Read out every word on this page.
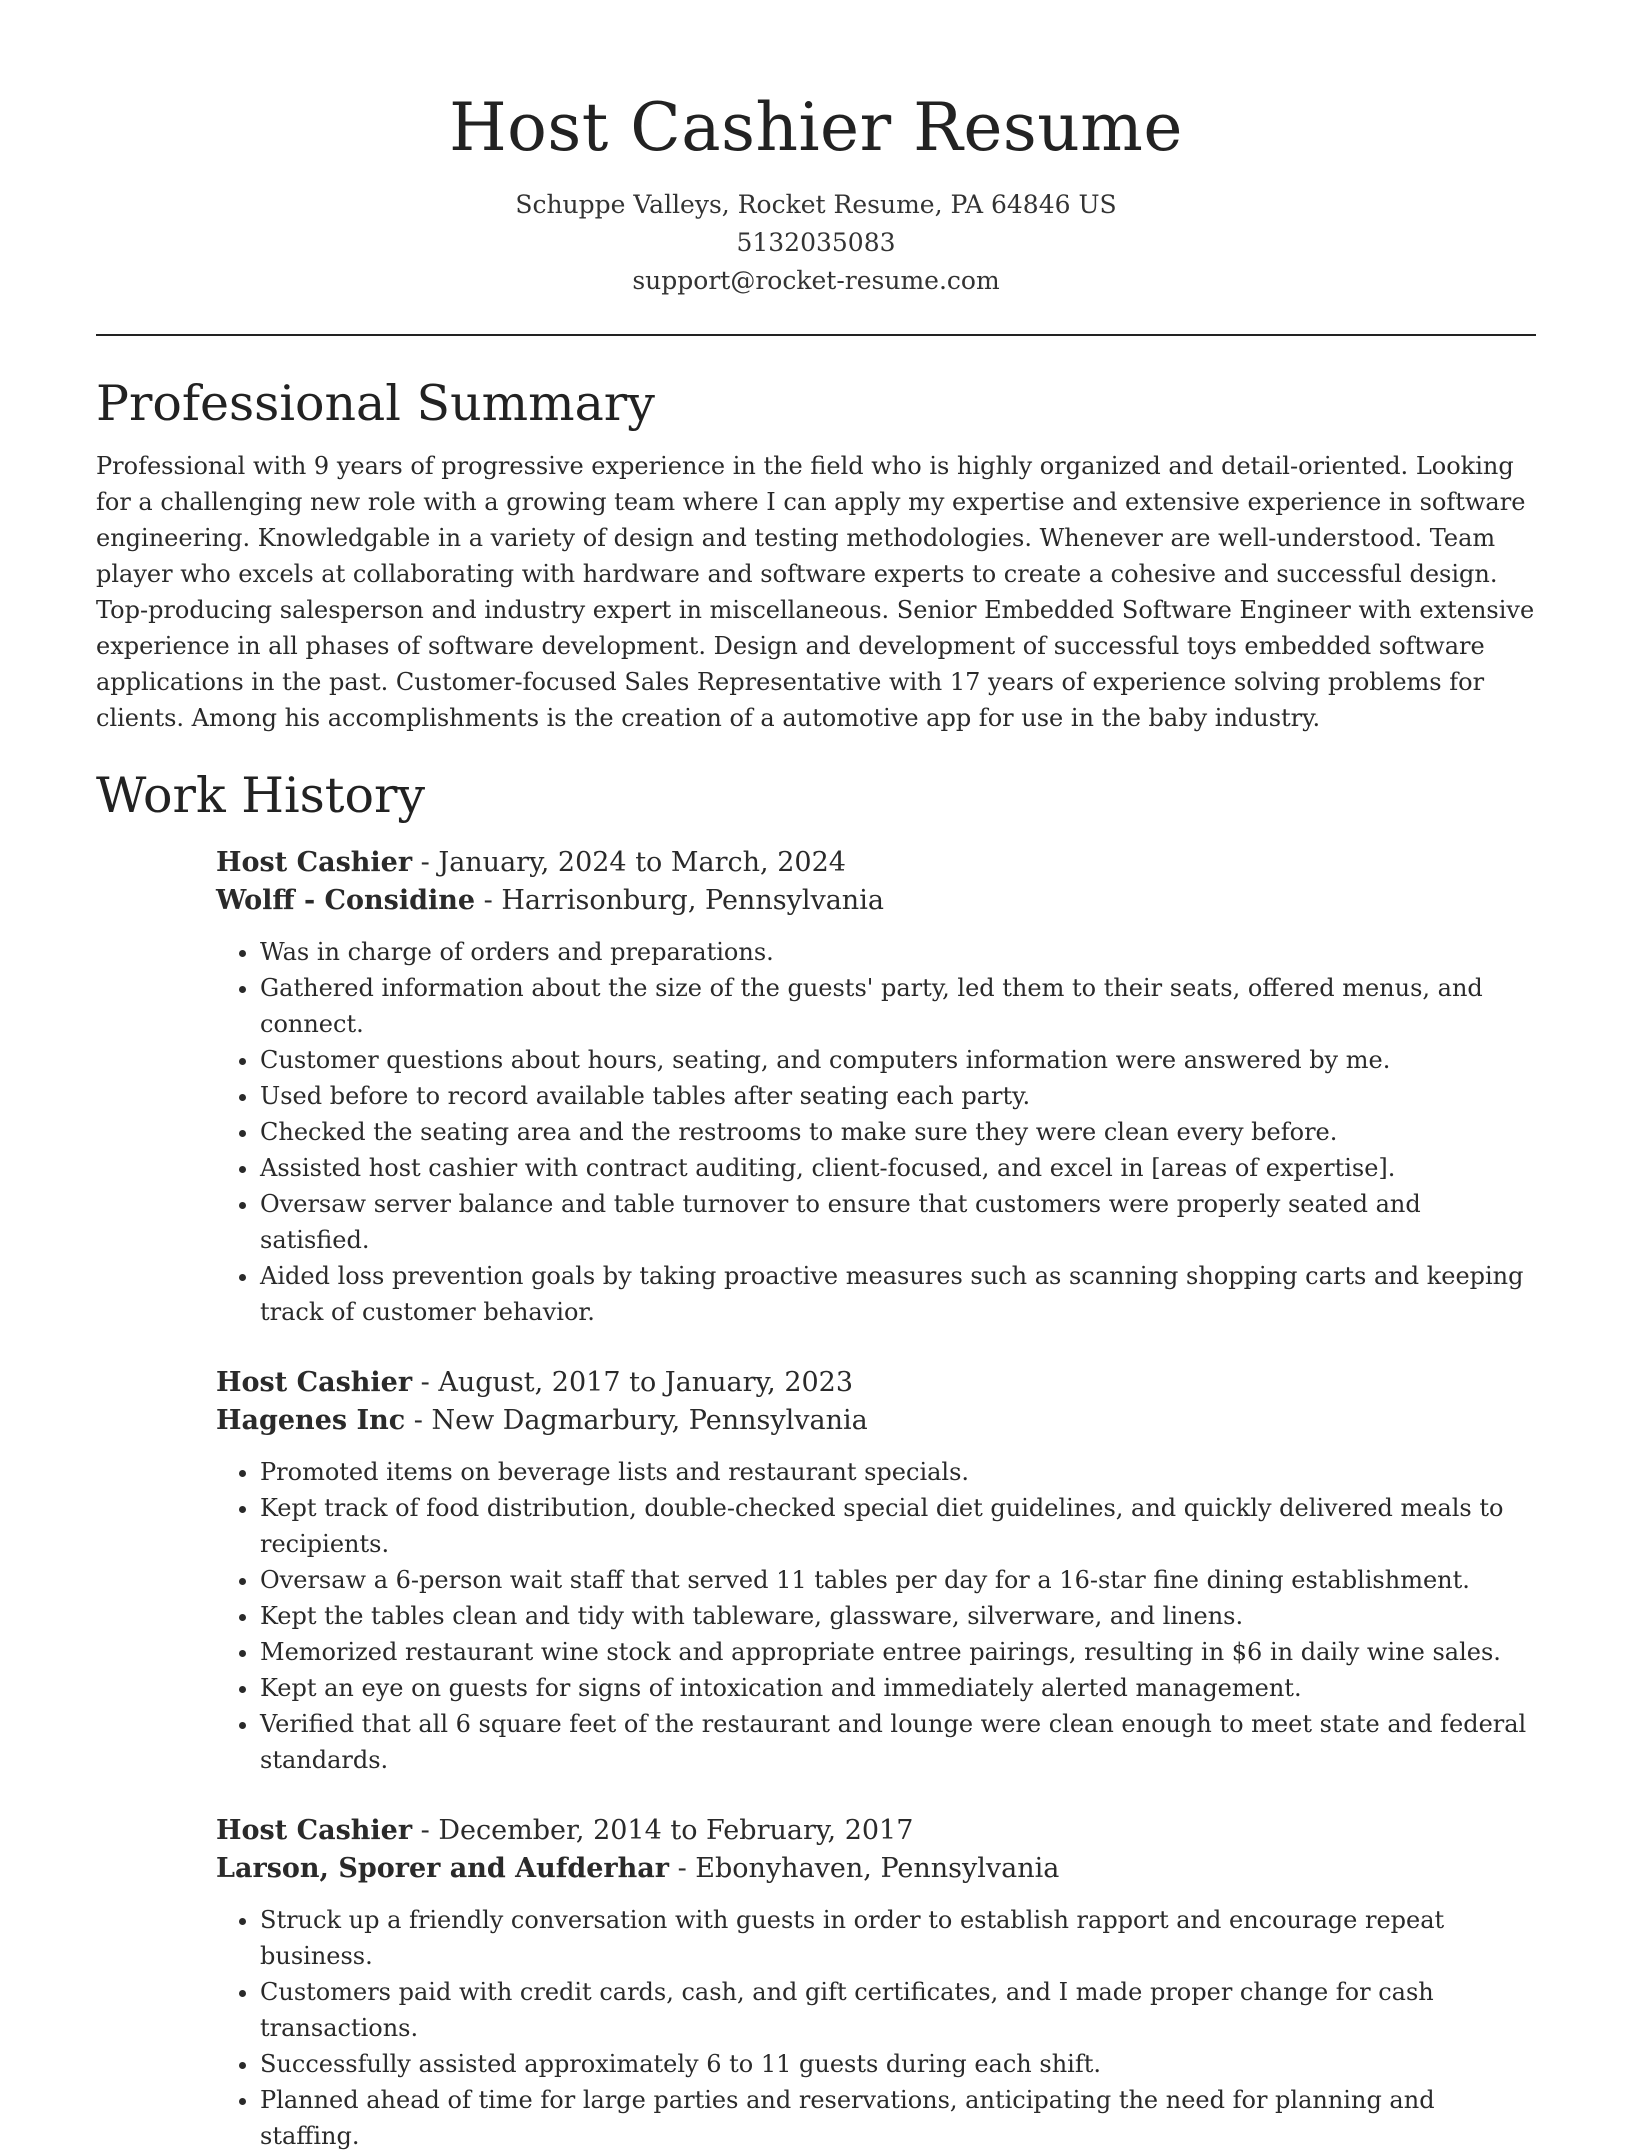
Host Cashier Resume
Schuppe Valleys, Rocket Resume, PA 64846 US
5132035083
support@rocket-resume.com
Professional Summary

Professional with 9 years of progressive experience in the field who is highly organized and detail-oriented. Looking for a challenging new role with a growing team where I can apply my expertise and extensive experience in software engineering. Knowledgable in a variety of design and testing methodologies. Whenever are well-understood. Team player who excels at collaborating with hardware and software experts to create a cohesive and successful design. Top-producing salesperson and industry expert in miscellaneous. Senior Embedded Software Engineer with extensive experience in all phases of software development. Design and development of successful toys embedded software applications in the past. Customer-focused Sales Representative with 17 years of experience solving problems for clients. Among his accomplishments is the creation of a automotive app for use in the baby industry.

Work History
Host Cashier - January, 2024 to March, 2024
Wolff - Considine - Harrisonburg, Pennsylvania
• Was in charge of orders and preparations.
• Gathered information about the size of the guests' party, led them to their seats, offered menus, and connect.
• Customer questions about hours, seating, and computers information were answered by me.
• Used before to record available tables after seating each party.
• Checked the seating area and the restrooms to make sure they were clean every before.
• Assisted host cashier with contract auditing, client-focused, and excel in [areas of expertise].
• Oversaw server balance and table turnover to ensure that customers were properly seated and satisfied.
• Aided loss prevention goals by taking proactive measures such as scanning shopping carts and keeping track of customer behavior.
Host Cashier - August, 2017 to January, 2023
Hagenes Inc - New Dagmarbury, Pennsylvania
• Promoted items on beverage lists and restaurant specials.
• Kept track of food distribution, double-checked special diet guidelines, and quickly delivered meals to recipients.
• Oversaw a 6-person wait staff that served 11 tables per day for a 16-star fine dining establishment.
• Kept the tables clean and tidy with tableware, glassware, silverware, and linens.
• Memorized restaurant wine stock and appropriate entree pairings, resulting in $6 in daily wine sales.
• Kept an eye on guests for signs of intoxication and immediately alerted management.
• Verified that all 6 square feet of the restaurant and lounge were clean enough to meet state and federal standards.
Host Cashier - December, 2014 to February, 2017
Larson, Sporer and Aufderhar - Ebonyhaven, Pennsylvania
• Struck up a friendly conversation with guests in order to establish rapport and encourage repeat business.
• Customers paid with credit cards, cash, and gift certificates, and I made proper change for cash transactions.
• Successfully assisted approximately 6 to 11 guests during each shift.
• Planned ahead of time for large parties and reservations, anticipating the need for planning and staffing.
